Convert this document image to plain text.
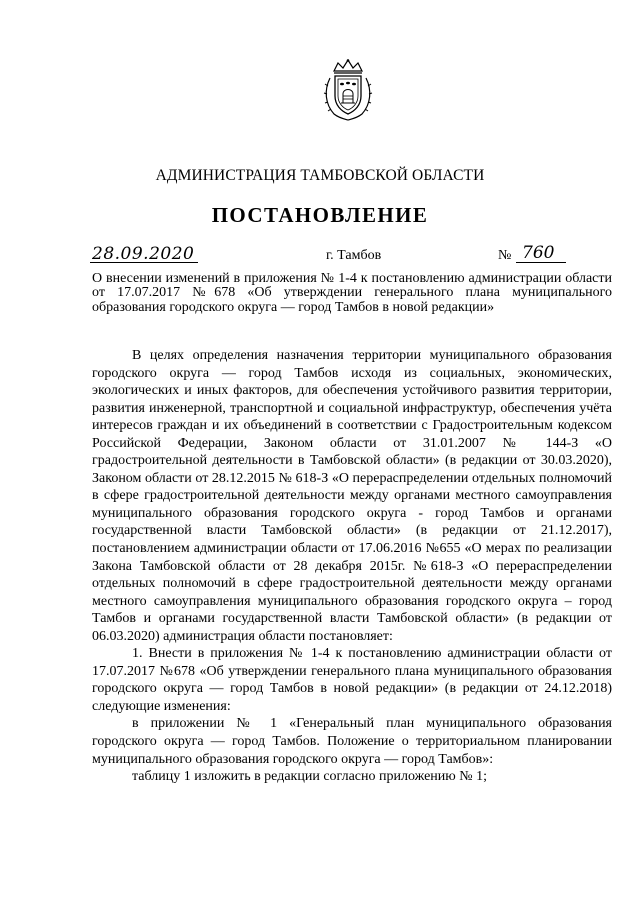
АДМИНИСТРАЦИЯ ТАМБОВСКОЙ ОБЛАСТИ
ПОСТАНОВЛЕНИЕ
28.09.2020	г. Тамбов	№ 760
О внесении изменений в приложения № 1-4 к постановлению администрации области от 17.07.2017 №678 «Об утверждении генерального плана муниципального образования городского округа — город Тамбов в новой редакции»

В целях определения назначения территории муниципального образования городского округа — город Тамбов исходя из социальных, экономических, экологических и иных факторов, для обеспечения устойчивого развития территории, развития инженерной, транспортной и социальной инфраструктур, обеспечения учёта интересов граждан и их объединений в соответствии с Градостроительным кодексом Российской Федерации, Законом области от 31.01.2007 № 144-З «О градостроительной деятельности в Тамбовской области» (в редакции от 30.03.2020), Законом области от 28.12.2015 № 618-З «О перераспределении отдельных полномочий в сфере градостроительной деятельности между органами местного самоуправления муниципального образования городского округа - город Тамбов и органами государственной власти Тамбовской области» (в редакции от 21.12.2017), постановлением администрации области от 17.06.2016 №655 «О мерах по реализации Закона Тамбовской области от 28 декабря 2015г. №618-З «О перераспределении отдельных полномочий в сфере градостроительной деятельности между органами местного самоуправления муниципального образования городского округа – город Тамбов и органами государственной власти Тамбовской области» (в редакции от 06.03.2020) администрация области постановляет:

1. Внести в приложения № 1-4 к постановлению администрации области от 17.07.2017 №678 «Об утверждении генерального плана муниципального образования городского округа — город Тамбов в новой редакции» (в редакции от 24.12.2018) следующие изменения:

в приложении № 1 «Генеральный план муниципального образования городского округа — город Тамбов. Положение о территориальном планировании муниципального образования городского округа — город Тамбов»:

таблицу 1 изложить в редакции согласно приложению № 1;
